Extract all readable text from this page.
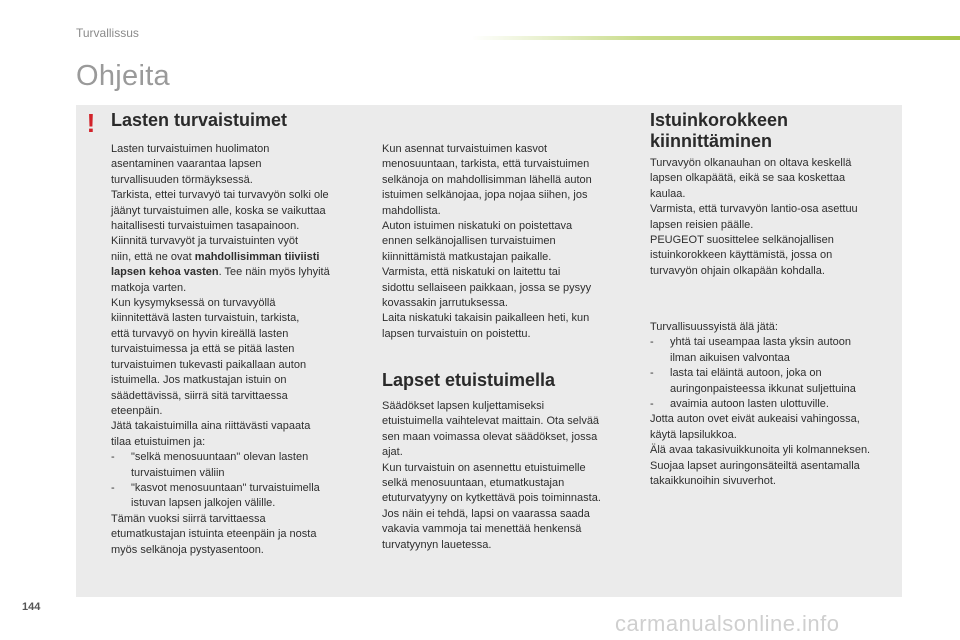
Turvallissus
Ohjeita
! Lasten turvaistuimet

Lasten turvaistuimen huolimaton

asentaminen vaarantaa lapsen

turvallisuuden törmäyksessä.

Tarkista, ettei turvavyö tai turvavyön solki ole

jäänyt turvaistuimen alle, koska se vaikuttaa

haitallisesti turvaistuimen tasapainoon.

Kiinnitä turvavyöt ja turvaistuinten vyöt

niin, että ne ovat mahdollisimman tiiviisti

lapsen kehoa vasten. Tee näin myös lyhyitä

matkoja varten.

Kun kysymyksessä on turvavyöllä

kiinnitettävä lasten turvaistuin, tarkista,

että turvavyö on hyvin kireällä lasten

turvaistuimessa ja että se pitää lasten

turvaistuimen tukevasti paikallaan auton

istuimella. Jos matkustajan istuin on

säädettävissä, siirrä sitä tarvittaessa

eteenpäin.

Jätä takaistuimilla aina riittävästi vapaata

tilaa etuistuimen ja:

- "selkä menosuuntaan" olevan lasten

turvaistuimen väliin

- "kasvot menosuuntaan" turvaistuimella

istuvan lapsen jalkojen välille.

Tämän vuoksi siirrä tarvittaessa

etumatkustajan istuinta eteenpäin ja nosta

myös selkänoja pystyasentoon.

Kun asennat turvaistuimen kasvot

menosuuntaan, tarkista, että turvaistuimen

selkänoja on mahdollisimman lähellä auton

istuimen selkänojaa, jopa nojaa siihen, jos

mahdollista.

Auton istuimen niskatuki on poistettava

ennen selkänojallisen turvaistuimen

kiinnittämistä matkustajan paikalle.

Varmista, että niskatuki on laitettu tai

sidottu sellaiseen paikkaan, jossa se pysyy

kovassakin jarrutuksessa.

Laita niskatuki takaisin paikalleen heti, kun

lapsen turvaistuin on poistettu.

Lapset etuistuimella

Säädökset lapsen kuljettamiseksi

etuistuimella vaihtelevat maittain. Ota selvää

sen maan voimassa olevat säädökset, jossa

ajat.

Kun turvaistuin on asennettu etuistuimelle

selkä menosuuntaan, etumatkustajan

etuturvatyyny on kytkettävä pois toiminnasta.

Jos näin ei tehdä, lapsi on vaarassa saada

vakavia vammoja tai menettää henkensä

turvatyynyn lauetessa.

Istuinkorokkeen
kiinnittäminen

Turvavyön olkanauhan on oltava keskellä

lapsen olkapäätä, eikä se saa koskettaa

kaulaa.

Varmista, että turvavyön lantio-osa asettuu

lapsen reisien päälle.

PEUGEOT suosittelee selkänojallisen

istuinkorokkeen käyttämistä, jossa on

turvavyön ohjain olkapään kohdalla.

Turvallisuussyistä älä jätä:

- yhtä tai useampaa lasta yksin autoon

ilman aikuisen valvontaa

- lasta tai eläintä autoon, joka on

auringonpaisteessa ikkunat suljettuina

- avaimia autoon lasten ulottuville.

Jotta auton ovet eivät aukeaisi vahingossa,

käytä lapsilukkoa.

Älä avaa takasivuikkunoita yli kolmanneksen.

Suojaa lapset auringonsäteiltä asentamalla

takaikkunoihin sivuverhot.

144
carmanualsonline.info
